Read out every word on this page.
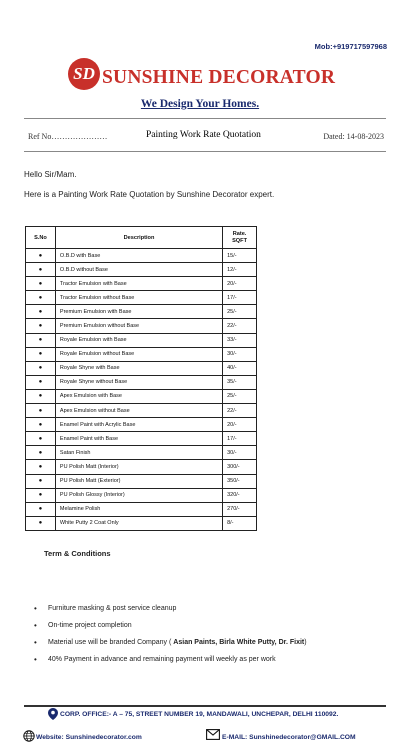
Mob:+919717597968
SD SUNSHINE DECORATOR
We Design Your Homes.
Ref No…………………	Painting Work Rate Quotation	Dated: 14-08-2023
Hello Sir/Mam.
Here is a Painting Work Rate Quotation by Sunshine Decorator expert.
S.No	Description	Rate.
SQFT
●	O.B.D with Base	15/-
●	O.B.D without Base	12/-
●	Tractor Emulsion with Base	20/-
●	Tractor Emulsion without Base	17/-
●	Premium Emulsion with Base	25/-
●	Premium Emulsion without Base	22/-
●	Royale Emulsion with Base	33/-
●	Royale Emulsion without Base	30/-
●	Royale Shyne with Base	40/-
●	Royale Shyne without Base	35/-
●	Apex Emulsion with Base	25/-
●	Apex Emulsion without Base	22/-
●	Enamel Paint with Acrylic Base	20/-
●	Enamel Paint with Base	17/-
●	Satan Finish	30/-
●	PU Polish Matt (Interior)	300/-
●	PU Polish Matt (Exterior)	350/-
●	PU Polish Glossy (Interior)	320/-
●	Melamine Polish	270/-
●	White Putty 2 Coat Only	8/-
Term & Conditions
• Furniture masking & post service cleanup
• On-time project completion
• Material use will be branded Company ( Asian Paints, Birla White Putty, Dr. Fixit)
• 40% Payment in advance and remaining payment will weekly as per work
CORP. OFFICE:- A – 75, STREET NUMBER 19, MANDAWALI, UNCHEPAR, DELHI 110092.
Website: Sunshinedecorator.com	E-MAIL: Sunshinedecorator@GMAIL.COM
